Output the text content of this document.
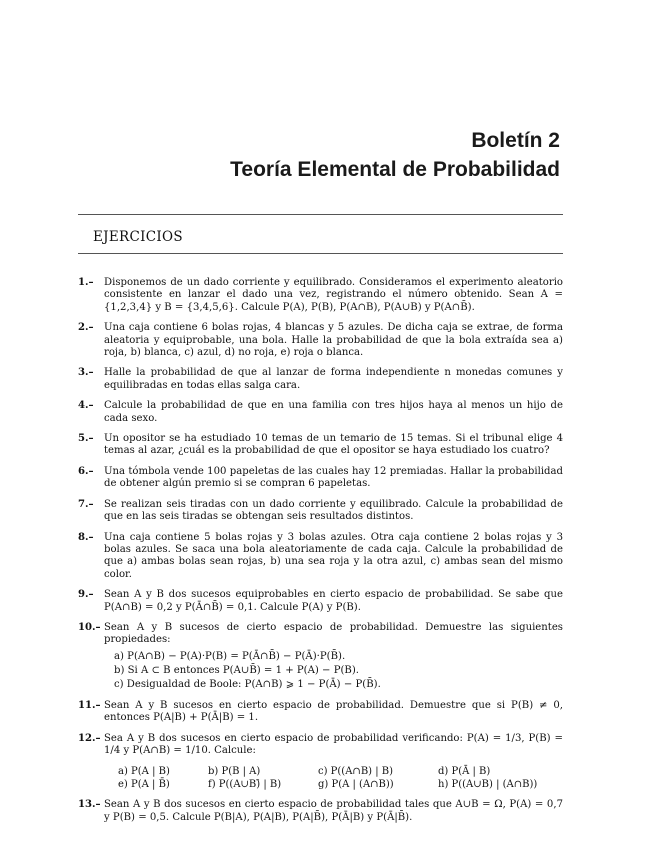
Boletín 2
Teoría Elemental de Probabilidad
EJERCICIOS
1.– Disponemos de un dado corriente y equilibrado. Consideramos el experimento aleatorio consistente en lanzar el dado una vez, registrando el número obtenido. Sean A = {1,2,3,4} y B = {3,4,5,6}. Calcule P(A), P(B), P(A∩B), P(A∪B) y P(A∩B̄).
2.– Una caja contiene 6 bolas rojas, 4 blancas y 5 azules. De dicha caja se extrae, de forma aleatoria y equiprobable, una bola. Halle la probabilidad de que la bola extraída sea a) roja, b) blanca, c) azul, d) no roja, e) roja o blanca.
3.– Halle la probabilidad de que al lanzar de forma independiente n monedas comunes y equilibradas en todas ellas salga cara.
4.– Calcule la probabilidad de que en una familia con tres hijos haya al menos un hijo de cada sexo.
5.– Un opositor se ha estudiado 10 temas de un temario de 15 temas. Si el tribunal elige 4 temas al azar, ¿cuál es la probabilidad de que el opositor se haya estudiado los cuatro?
6.– Una tómbola vende 100 papeletas de las cuales hay 12 premiadas. Hallar la probabilidad de obtener algún premio si se compran 6 papeletas.
7.– Se realizan seis tiradas con un dado corriente y equilibrado. Calcule la probabilidad de que en las seis tiradas se obtengan seis resultados distintos.
8.– Una caja contiene 5 bolas rojas y 3 bolas azules. Otra caja contiene 2 bolas rojas y 3 bolas azules. Se saca una bola aleatoriamente de cada caja. Calcule la probabilidad de que a) ambas bolas sean rojas, b) una sea roja y la otra azul, c) ambas sean del mismo color.
9.– Sean A y B dos sucesos equiprobables en cierto espacio de probabilidad. Se sabe que P(A∩B) = 0,2 y P(Ā∩B̄) = 0,1. Calcule P(A) y P(B).
10.– Sean A y B sucesos de cierto espacio de probabilidad. Demuestre las siguientes propiedades:
a) P(A∩B) − P(A)·P(B) = P(Ā∩B̄) − P(Ā)·P(B̄).
b) Si A ⊂ B entonces P(A∪B̄) = 1 + P(A) − P(B).
c) Desigualdad de Boole: P(A∩B) ⩾ 1 − P(Ā) − P(B̄).
11.– Sean A y B sucesos en cierto espacio de probabilidad. Demuestre que si P(B) ≠ 0, entonces P(A|B) + P(Ā|B) = 1.
12.– Sea A y B dos sucesos en cierto espacio de probabilidad verificando: P(A) = 1/3, P(B) = 1/4 y P(A∩B) = 1/10. Calcule:
a) P(A | B)	b) P(B | A)	c) P((A∩B) | B)	d) P(Ā | B)
e) P(A | B̄)	f) P((A∪B)̄ | B)	g) P(A | (A∩B))	h) P((A∪B) | (A∩B))
13.– Sean A y B dos sucesos en cierto espacio de probabilidad tales que A∪B = Ω, P(A) = 0,7 y P(B) = 0,5. Calcule P(B|A), P(A|B), P(A|B̄), P(Ā|B) y P(Ā|B̄).
